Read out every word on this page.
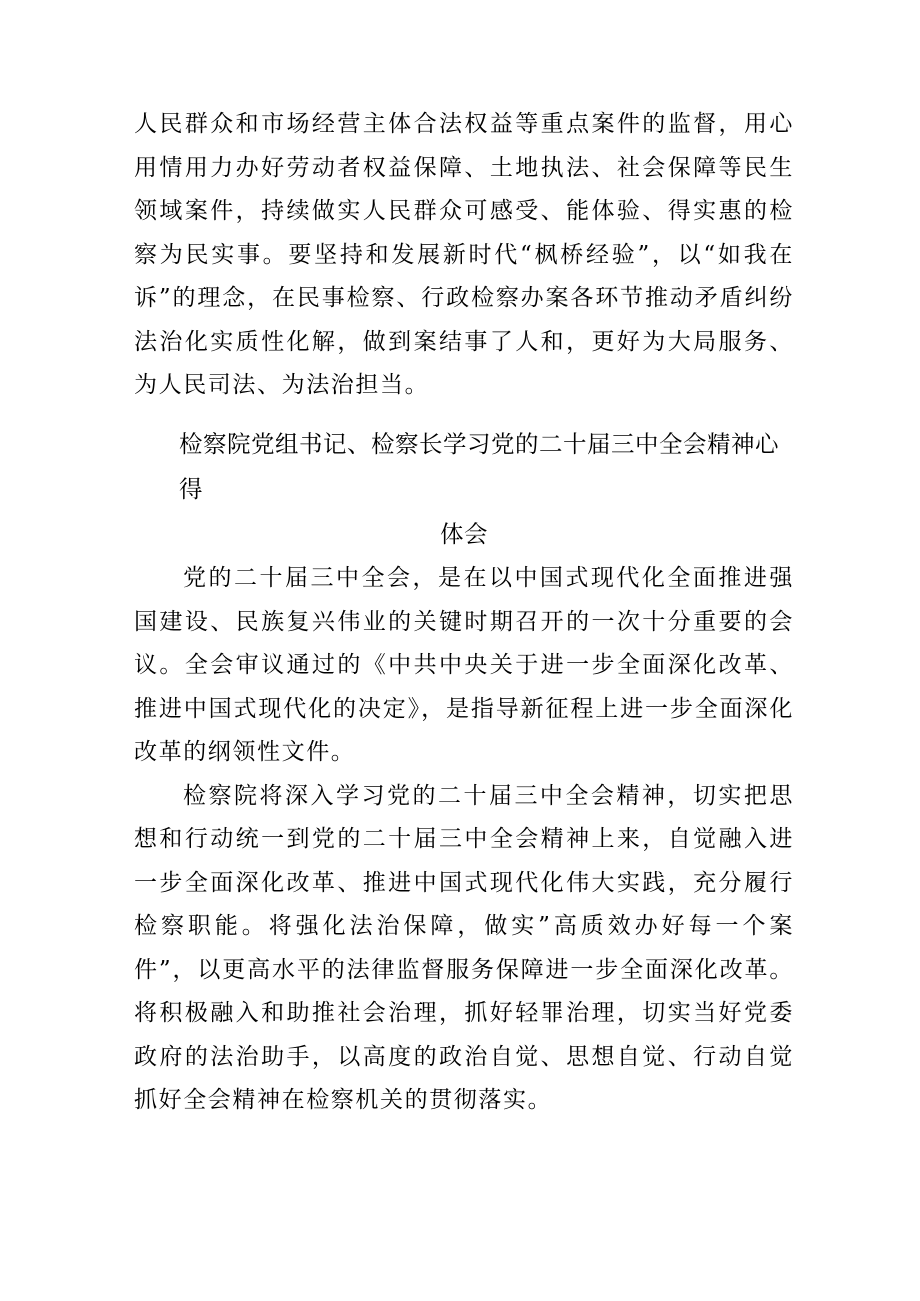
人民群众和市场经营主体合法权益等重点案件的监督，用心用情用力办好劳动者权益保障、土地执法、社会保障等民生领域案件，持续做实人民群众可感受、能体验、得实惠的检察为民实事。要坚持和发展新时代“枫桥经验”，以“如我在诉”的理念，在民事检察、行政检察办案各环节推动矛盾纠纷法治化实质性化解，做到案结事了人和，更好为大局服务、为人民司法、为法治担当。

检察院党组书记、检察长学习党的二十届三中全会精神心得
体会

党的二十届三中全会，是在以中国式现代化全面推进强国建设、民族复兴伟业的关键时期召开的一次十分重要的会议。全会审议通过的《中共中央关于进一步全面深化改革、推进中国式现代化的决定》，是指导新征程上进一步全面深化改革的纲领性文件。

检察院将深入学习党的二十届三中全会精神，切实把思想和行动统一到党的二十届三中全会精神上来，自觉融入进一步全面深化改革、推进中国式现代化伟大实践，充分履行检察职能。将强化法治保障，做实”高质效办好每一个案件”，以更高水平的法律监督服务保障进一步全面深化改革。将积极融入和助推社会治理，抓好轻罪治理，切实当好党委政府的法治助手，以高度的政治自觉、思想自觉、行动自觉抓好全会精神在检察机关的贯彻落实。
